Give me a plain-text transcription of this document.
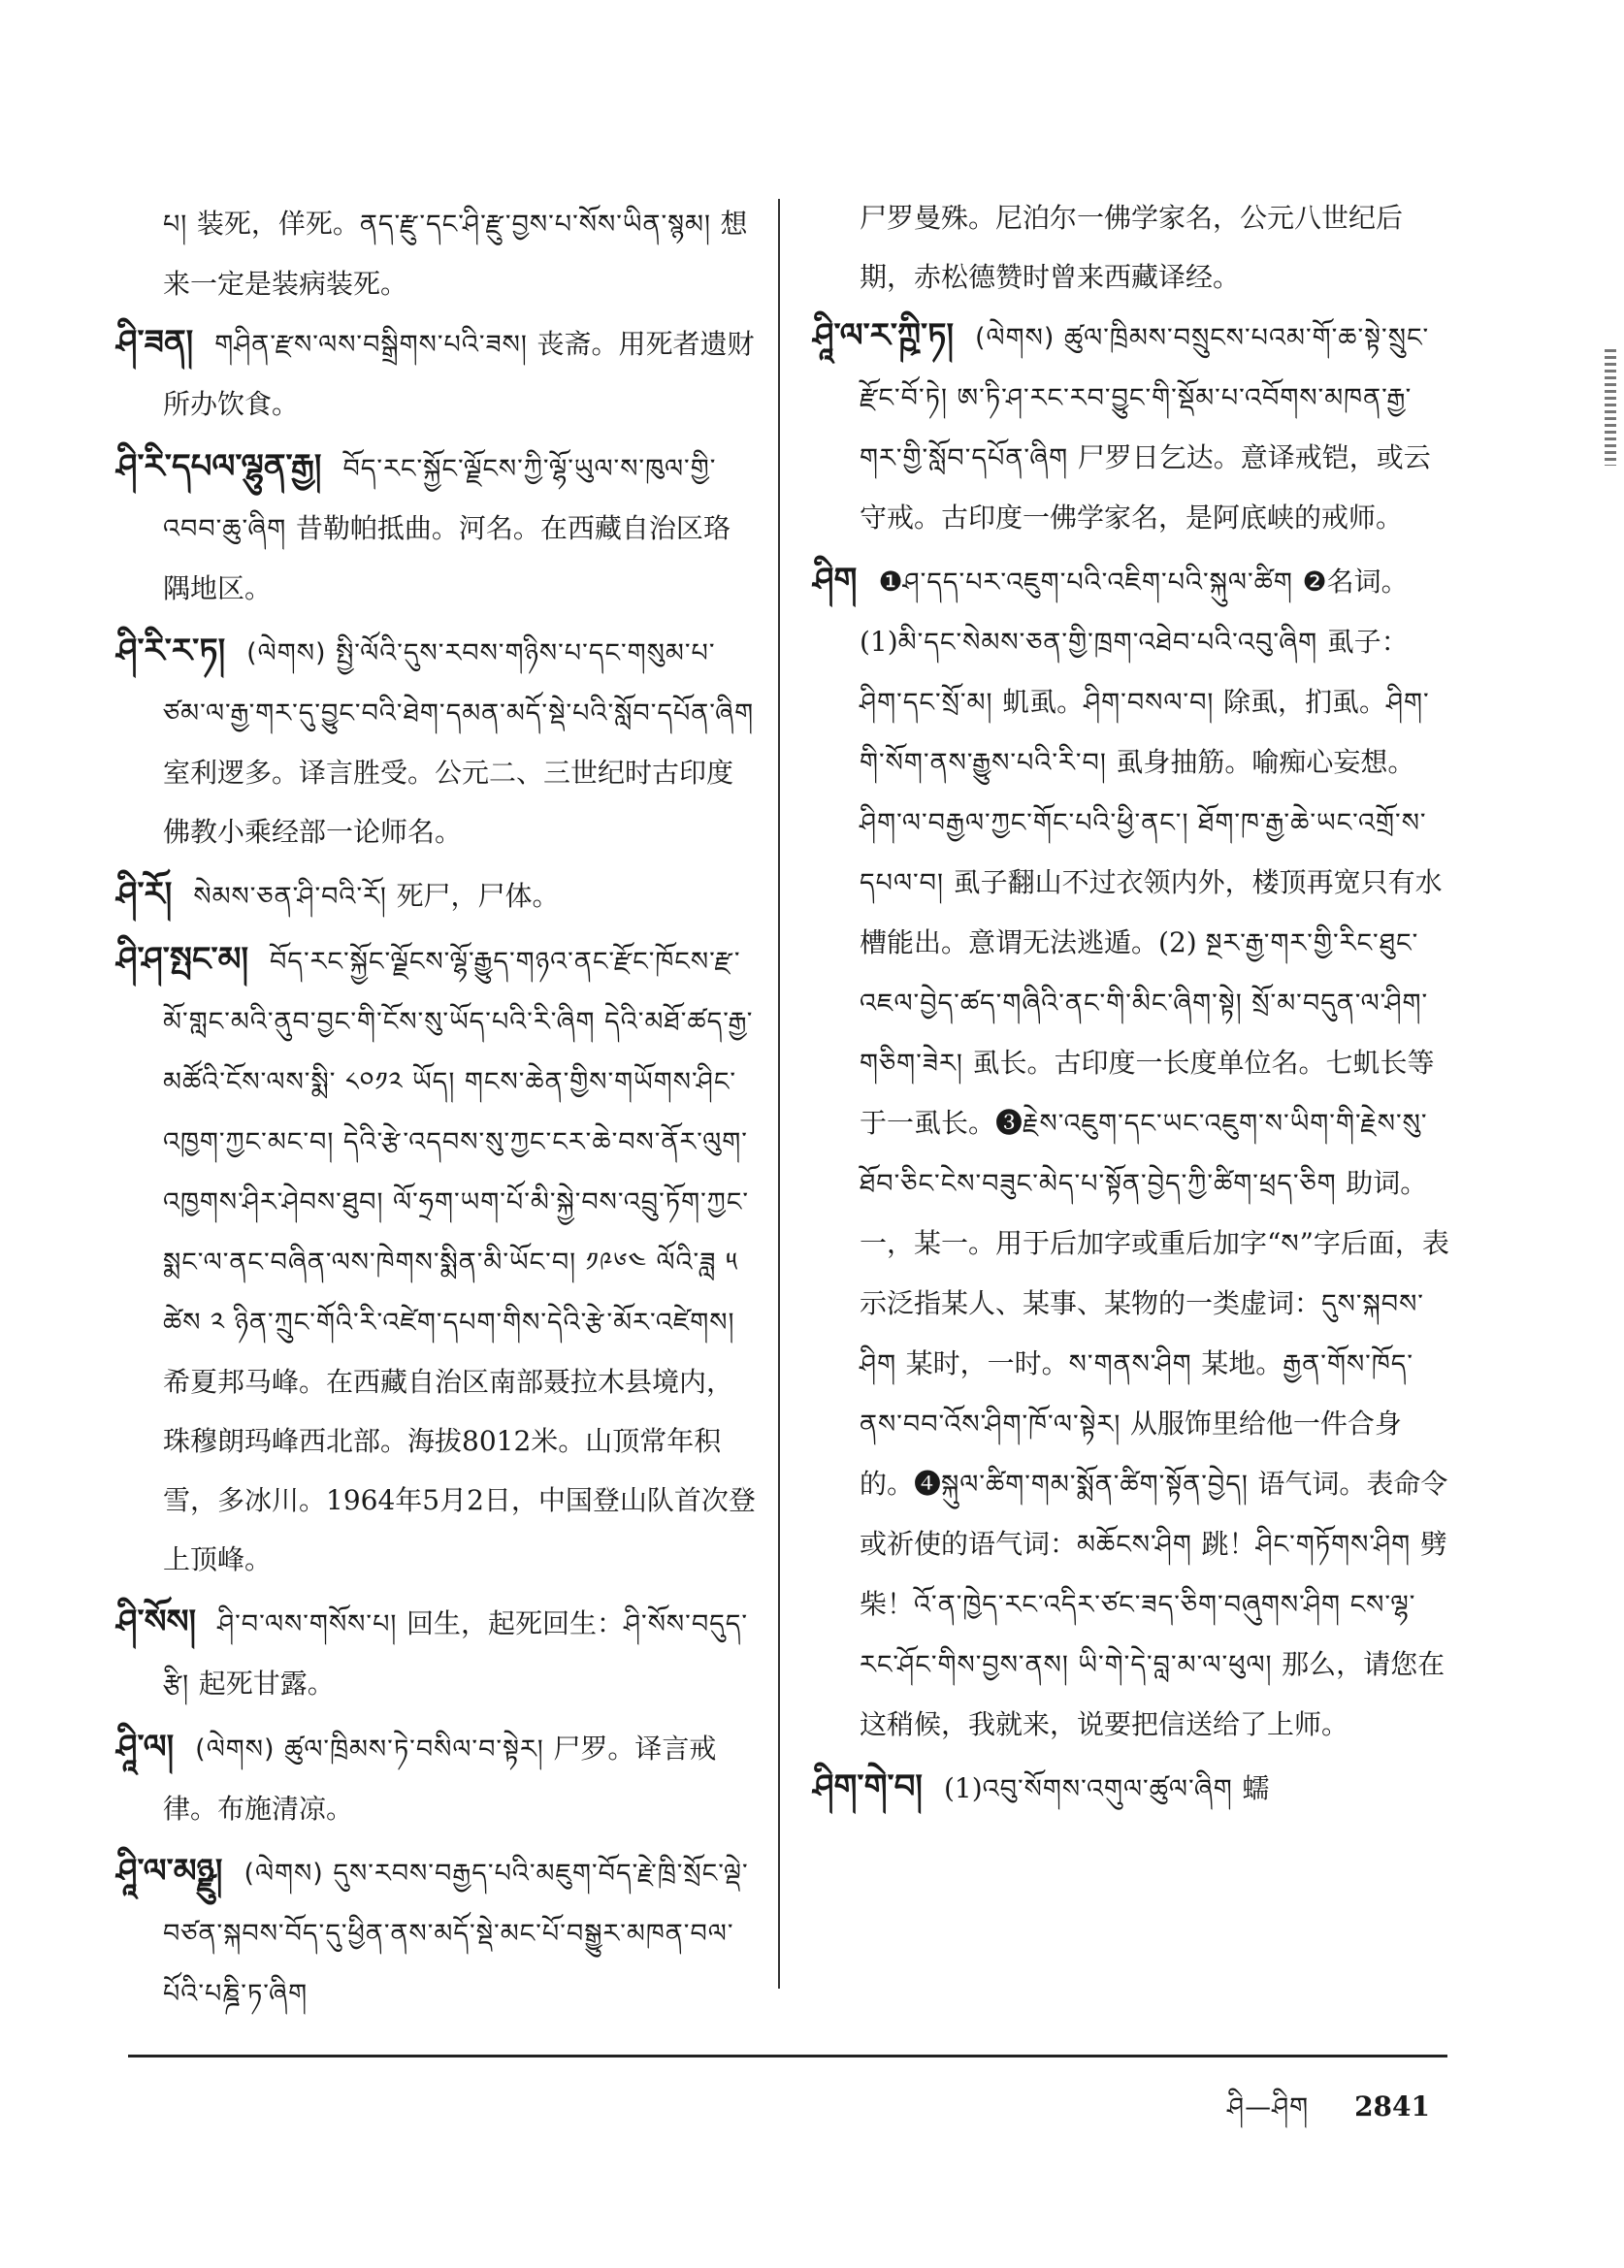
པ། 装死，佯死。ནད་རྫུ་དང་ཤི་རྫུ་བྱས་པ་སོས་ཡིན་སྙམ། 想来一定是装病装死。
ཤི་ཟན། གཤིན་རྫས་ལས་བསྒྲིགས་པའི་ཟས། 丧斋。用死者遗财所办饮食。
ཤི་རི་དཔལ་ལྷུན་རྒྱ། བོད་རང་སྐྱོང་ལྗོངས་ཀྱི་ལྷོ་ཡུལ་ས་ཁུལ་གྱི་འབབ་ཆུ་ཞིག 昔勒帕抵曲。河名。在西藏自治区珞隅地区。
ཤི་རི་ར་ཏ། (ལེགས) སྤྱི་ལོའི་དུས་རབས་གཉིས་པ་དང་གསུམ་པ་ཙམ་ལ་རྒྱ་གར་དུ་བྱུང་བའི་ཐེག་དམན་མདོ་སྡེ་པའི་སློབ་དཔོན་ཞིག 室利逻多。译言胜受。公元二、三世纪时古印度佛教小乘经部一论师名。
ཤི་རོ། སེམས་ཅན་ཤི་བའི་རོ། 死尸，尸体。
ཤི་ཤ་སྤང་མ། བོད་རང་སྐྱོང་ལྗོངས་ལྷོ་རྒྱུད་གཉའ་ནང་རྫོང་ཁོངས་རྫ་མོ་གླང་མའི་ནུབ་བྱང་གི་ངོས་སུ་ཡོད་པའི་རི་ཞིག དེའི་མཐོ་ཚད་རྒྱ་མཚོའི་ངོས་ལས་སྨི་ ༨༠༡༢ ཡོད། གངས་ཆེན་གྱིས་གཡོགས་ཤིང་འཁྱག་ཀྱང་མང་བ། དེའི་རྩེ་འདབས་སུ་ཀྱང་ངར་ཆེ་བས་ནོར་ལུག་འཁྱགས་ཤིར་ཤེབས་ཐུབ། ལོ་ཧྲག་ཡག་པོ་མི་སྐྱེ་བས་འབྲུ་ཏོག་ཀྱང་སྨང་ལ་ནང་བཞིན་ལས་ཁེགས་སྨིན་མི་ཡོང་བ། ༡༩༦༤ ལོའི་ཟླ ༥ ཚེས ༢ ཉིན་ཀྲུང་གོའི་རི་འཛེག་དཔག་གིས་དེའི་རྩེ་མོར་འཛེགས། 希夏邦马峰。在西藏自治区南部聂拉木县境内，珠穆朗玛峰西北部。海拔8012米。山顶常年积雪，多冰川。1964年5月2日，中国登山队首次登上顶峰。
ཤི་སོས། ཤི་བ་ལས་གསོས་པ། 回生，起死回生：ཤི་སོས་བདུད་རྩི། 起死甘露。
ཤཱི་ལ། (ལེགས) ཚུལ་ཁྲིམས་ཏེ་བསིལ་བ་སྟེར། 尸罗。译言戒律。布施清凉。
ཤཱི་ལ་མཉྫུ། (ལེགས) དུས་རབས་བརྒྱད་པའི་མཇུག་བོད་རྗེ་ཁྲི་སྲོང་ལྡེ་བཙན་སྐབས་བོད་དུ་ཕྱིན་ནས་མདོ་སྡེ་མང་པོ་བསྒྱུར་མཁན་བལ་པོའི་པཎྜི་ཏ་ཞིག
尸罗曼殊。尼泊尔一佛学家名，公元八世纪后期，赤松德赞时曾来西藏译经。
ཤཱི་ལ་ར་ཀྵི་ཏ། (ལེགས) ཚུལ་ཁྲིམས་བསྲུངས་པའམ་གོ་ཆ་སྟེ་སྲུང་རྫོང་བོ་ཏེ། ཨ་ཏི་ཤ་རང་རབ་བྱུང་གི་སྡོམ་པ་འབོགས་མཁན་རྒྱ་གར་གྱི་སློབ་དཔོན་ཞིག 尸罗日乞达。意译戒铠，或云守戒。古印度一佛学家名，是阿底峡的戒师。
ཤིག ❶ཤ་དད་པར་འཇུག་པའི་འཇིག་པའི་སྐུལ་ཚིག ❷名词。(1)མི་དང་སེམས་ཅན་གྱི་ཁྲག་འཐེབ་པའི་འབུ་ཞིག 虱子：ཤིག་དང་སྲོ་མ། 虮虱。ཤིག་བསལ་བ། 除虱，扪虱。ཤིག་གི་སོག་ནས་རྒྱུས་པའི་རི་བ། 虱身抽筋。喻痴心妄想。ཤིག་ལ་བརྒྱལ་ཀྱང་གོང་པའི་ཕྱི་ནང་། ཐོག་ཁ་རྒྱ་ཆེ་ཡང་འགྲོ་ས་དཔལ་བ། 虱子翻山不过衣领内外，楼顶再宽只有水槽能出。意谓无法逃遁。(2) སྔར་རྒྱ་གར་གྱི་རིང་ཐུང་འཇལ་བྱེད་ཚད་གཞིའི་ནང་གི་མིང་ཞིག་སྟེ། སྲོ་མ་བདུན་ལ་ཤིག་གཅིག་ཟེར། 虱长。古印度一长度单位名。七虮长等于一虱长。❸རྗེས་འཇུག་དང་ཡང་འཇུག་ས་ཡིག་གི་རྗེས་སུ་ཐོབ་ཅིང་ངེས་བཟུང་མེད་པ་སྟོན་བྱེད་ཀྱི་ཚིག་ཕྲད་ཅིག 助词。一，某一。用于后加字或重后加字“ས”字后面，表示泛指某人、某事、某物的一类虚词：དུས་སྐབས་ཤིག 某时，一时。ས་གནས་ཤིག 某地。རྒྱན་གོས་ཁོད་ནས་བབ་འོས་ཤིག་ཁོ་ལ་སྟེར། 从服饰里给他一件合身的。❹སྐུལ་ཚིག་གམ་སྨོན་ཚིག་སྟོན་བྱེད། 语气词。表命令或祈使的语气词：མཆོངས་ཤིག 跳！ཤིང་གཏོགས་ཤིག 劈柴！འོ་ན་ཁྱེད་རང་འདིར་ཙང་ཟད་ཅིག་བཞུགས་ཤིག ངས་ལྷ་རང་ཤོང་གིས་བྱས་ནས། ཡི་གེ་དེ་བླ་མ་ལ་ཕུལ། 那么，请您在这稍候，我就来，说要把信送给了上师。
ཤིག་གེ་བ། (1)འབུ་སོགས་འགུལ་ཚུལ་ཞིག 蠕
ཤི—ཤིག 2841
